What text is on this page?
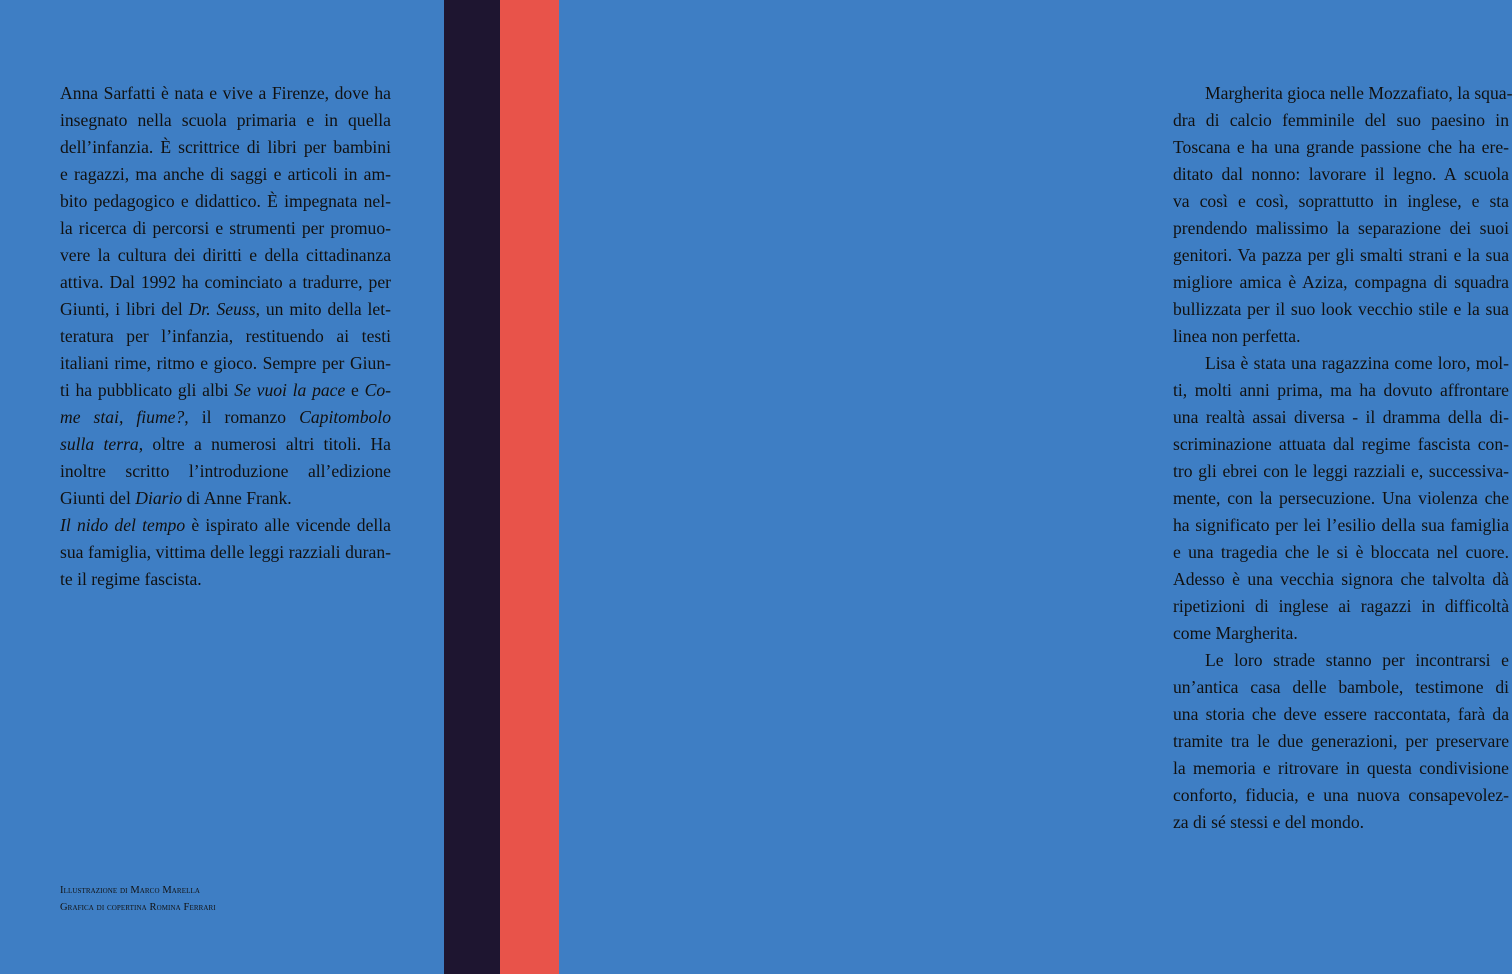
Anna Sarfatti è nata e vive a Firenze, dove ha
insegnato nella scuola primaria e in quella
dell’infanzia. È scrittrice di libri per bambini
e ragazzi, ma anche di saggi e articoli in am-
bito pedagogico e didattico. È impegnata nel-
la ricerca di percorsi e strumenti per promuo-
vere la cultura dei diritti e della cittadinanza
attiva. Dal 1992 ha cominciato a tradurre, per
Giunti, i libri del Dr. Seuss, un mito della let-
teratura per l’infanzia, restituendo ai testi
italiani rime, ritmo e gioco. Sempre per Giun-
ti ha pubblicato gli albi Se vuoi la pace e Co-
me stai, fiume?, il romanzo Capitombolo
sulla terra, oltre a numerosi altri titoli. Ha
inoltre scritto l’introduzione all’edizione
Giunti del Diario di Anne Frank.
Il nido del tempo è ispirato alle vicende della
sua famiglia, vittima delle leggi razziali duran-
te il regime fascista.
Illustrazione di Marco Marella
Grafica di copertina Romina Ferrari
Margherita gioca nelle Mozzafiato, la squa-
dra di calcio femminile del suo paesino in
Toscana e ha una grande passione che ha ere-
ditato dal nonno: lavorare il legno. A scuola
va così e così, soprattutto in inglese, e sta
prendendo malissimo la separazione dei suoi
genitori. Va pazza per gli smalti strani e la sua
migliore amica è Aziza, compagna di squadra
bullizzata per il suo look vecchio stile e la sua
linea non perfetta.
Lisa è stata una ragazzina come loro, mol-
ti, molti anni prima, ma ha dovuto affrontare
una realtà assai diversa - il dramma della di-
scriminazione attuata dal regime fascista con-
tro gli ebrei con le leggi razziali e, successiva-
mente, con la persecuzione. Una violenza che
ha significato per lei l’esilio della sua famiglia
e una tragedia che le si è bloccata nel cuore.
Adesso è una vecchia signora che talvolta dà
ripetizioni di inglese ai ragazzi in difficoltà
come Margherita.
Le loro strade stanno per incontrarsi e
un’antica casa delle bambole, testimone di
una storia che deve essere raccontata, farà da
tramite tra le due generazioni, per preservare
la memoria e ritrovare in questa condivisione
conforto, fiducia, e una nuova consapevolez-
za di sé stessi e del mondo.
